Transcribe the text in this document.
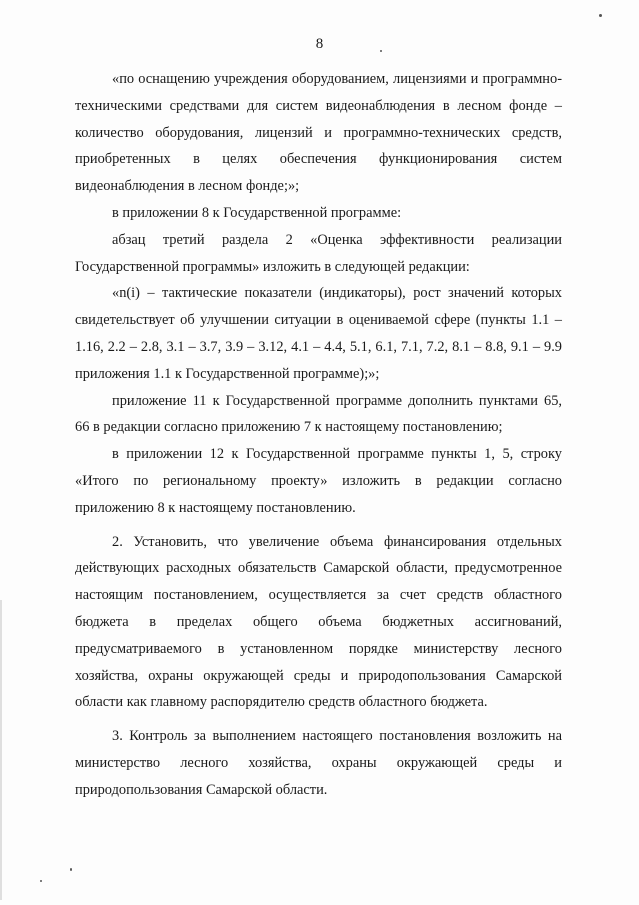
8

«по оснащению учреждения оборудованием, лицензиями и программно-техническими средствами для систем видеонаблюдения в лесном фонде – количество оборудования, лицензий и программно-технических средств, приобретенных в целях обеспечения функционирования систем видеонаблюдения в лесном фонде;»;

в приложении 8 к Государственной программе:

абзац третий раздела 2 «Оценка эффективности реализации Государственной программы» изложить в следующей редакции:

«n(i) – тактические показатели (индикаторы), рост значений которых свидетельствует об улучшении ситуации в оцениваемой сфере (пункты 1.1 – 1.16, 2.2 – 2.8, 3.1 – 3.7, 3.9 – 3.12, 4.1 – 4.4, 5.1, 6.1, 7.1, 7.2, 8.1 – 8.8, 9.1 – 9.9 приложения 1.1 к Государственной программе);»;

приложение 11 к Государственной программе дополнить пунктами 65, 66 в редакции согласно приложению 7 к настоящему постановлению;

в приложении 12 к Государственной программе пункты 1, 5, строку «Итого по региональному проекту» изложить в редакции согласно приложению 8 к настоящему постановлению.

2. Установить, что увеличение объема финансирования отдельных действующих расходных обязательств Самарской области, предусмотренное настоящим постановлением, осуществляется за счет средств областного бюджета в пределах общего объема бюджетных ассигнований, предусматриваемого в установленном порядке министерству лесного хозяйства, охраны окружающей среды и природопользования Самарской области как главному распорядителю средств областного бюджета.

3. Контроль за выполнением настоящего постановления возложить на министерство лесного хозяйства, охраны окружающей среды и природопользования Самарской области.
